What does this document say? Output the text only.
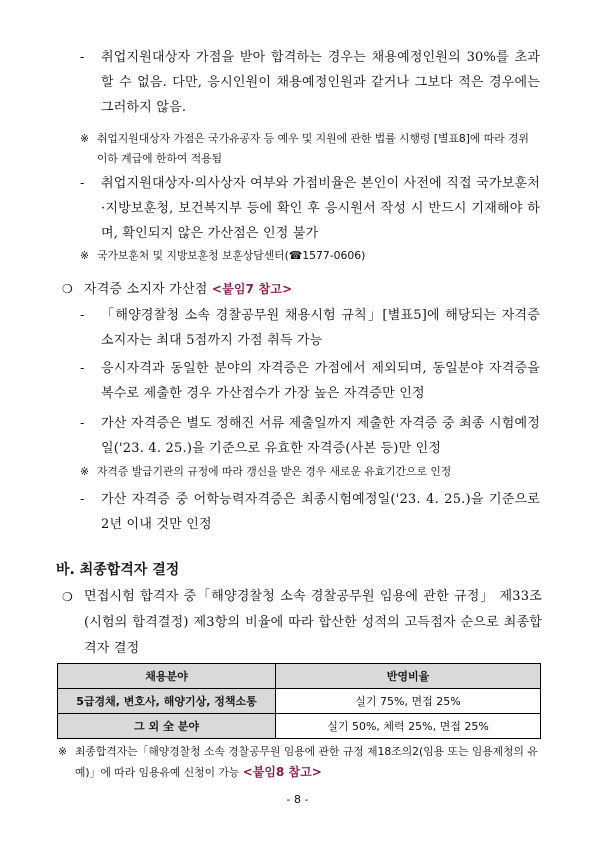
-	취업지원대상자 가점을 받아 합격하는 경우는 채용예정인원의 30%를 초과할 수 없음. 다만, 응시인원이 채용예정인원과 같거나 그보다 적은 경우에는 그러하지 않음.
※ 취업지원대상자 가점은 국가유공자 등 예우 및 지원에 관한 법률 시행령 [별표8]에 따라 경위 이하 계급에 한하여 적용됨
-	취업지원대상자·의사상자 여부와 가점비율은 본인이 사전에 직접 국가보훈처·지방보훈청, 보건복지부 등에 확인 후 응시원서 작성 시 반드시 기재해야 하며, 확인되지 않은 가산점은 인정 불가
※ 국가보훈처 및 지방보훈청 보훈상담센터(☎1577-0606)
❍ 자격증 소지자 가산점 <붙임7 참고>
-	「해양경찰청 소속 경찰공무원 채용시험 규칙」[별표5]에 해당되는 자격증 소지자는 최대 5점까지 가점 취득 가능
-	응시자격과 동일한 분야의 자격증은 가점에서 제외되며, 동일분야 자격증을 복수로 제출한 경우 가산점수가 가장 높은 자격증만 인정
-	가산 자격증은 별도 정해진 서류 제출일까지 제출한 자격증 중 최종 시험예정일('23. 4. 25.)을 기준으로 유효한 자격증(사본 등)만 인정
※ 자격증 발급기관의 규정에 따라 갱신을 받은 경우 새로운 유효기간으로 인정
-	가산 자격증 중 어학능력자격증은 최종시험예정일('23. 4. 25.)을 기준으로 2년 이내 것만 인정
바. 최종합격자 결정
❍ 면접시험 합격자 중「해양경찰청 소속 경찰공무원 임용에 관한 규정」 제33조(시험의 합격결정) 제3항의 비율에 따라 합산한 성적의 고득점자 순으로 최종합격자 결정
채용분야	반영비율
5급경채, 변호사, 해양기상, 정책소통	실기 75%, 면접 25%
그 외 全 분야	실기 50%, 체력 25%, 면접 25%
※ 최종합격자는「해양경찰청 소속 경찰공무원 임용에 관한 규정 제18조의2(임용 또는 임용제청의 유예)」에 따라 임용유예 신청이 가능 <붙임8 참고>
- 8 -
